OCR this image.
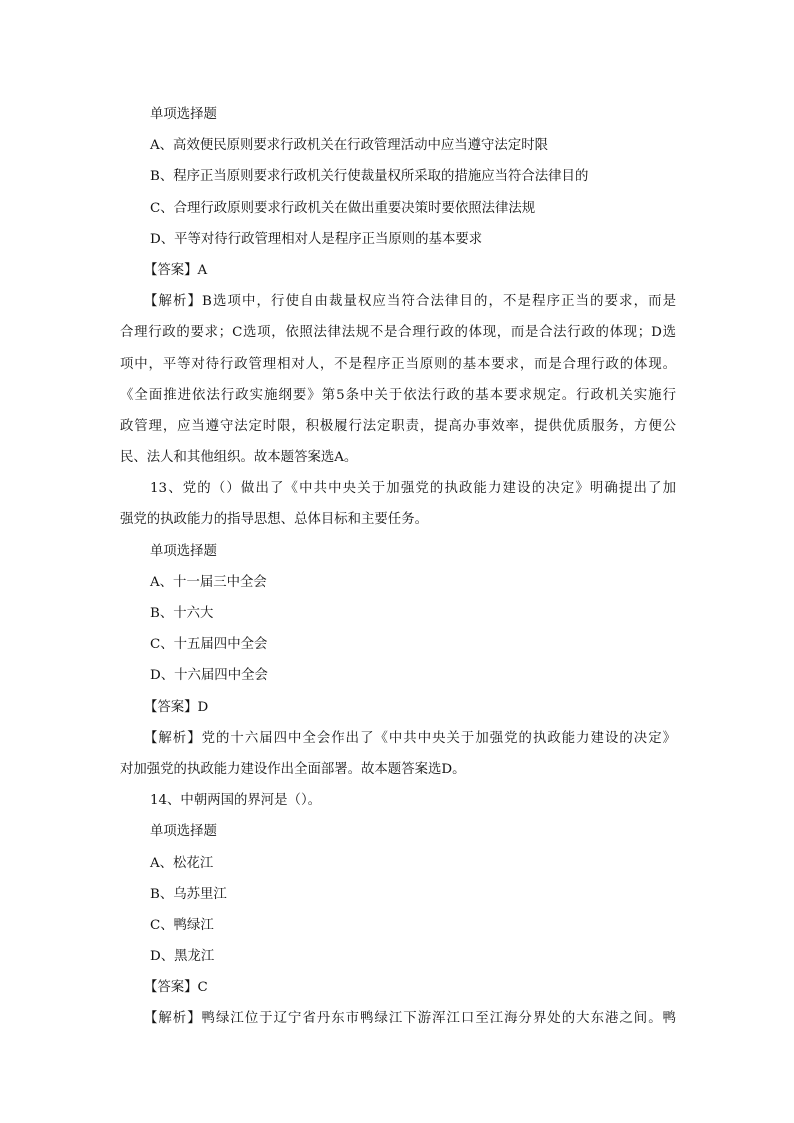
单项选择题
A、高效便民原则要求行政机关在行政管理活动中应当遵守法定时限
B、程序正当原则要求行政机关行使裁量权所采取的措施应当符合法律目的
C、合理行政原则要求行政机关在做出重要决策时要依照法律法规
D、平等对待行政管理相对人是程序正当原则的基本要求
【答案】A
【解析】B选项中，行使自由裁量权应当符合法律目的，不是程序正当的要求，而是
合理行政的要求；C选项，依照法律法规不是合理行政的体现，而是合法行政的体现；D选
项中，平等对待行政管理相对人，不是程序正当原则的基本要求，而是合理行政的体现。
《全面推进依法行政实施纲要》第5条中关于依法行政的基本要求规定。行政机关实施行
政管理，应当遵守法定时限，积极履行法定职责，提高办事效率，提供优质服务，方便公
民、法人和其他组织。故本题答案选A。
13、党的（）做出了《中共中央关于加强党的执政能力建设的决定》明确提出了加
强党的执政能力的指导思想、总体目标和主要任务。
单项选择题
A、十一届三中全会
B、十六大
C、十五届四中全会
D、十六届四中全会
【答案】D
【解析】党的十六届四中全会作出了《中共中央关于加强党的执政能力建设的决定》
对加强党的执政能力建设作出全面部署。故本题答案选D。
14、中朝两国的界河是（）。
单项选择题
A、松花江
B、乌苏里江
C、鸭绿江
D、黑龙江
【答案】C
【解析】鸭绿江位于辽宁省丹东市鸭绿江下游浑江口至江海分界处的大东港之间。鸭
